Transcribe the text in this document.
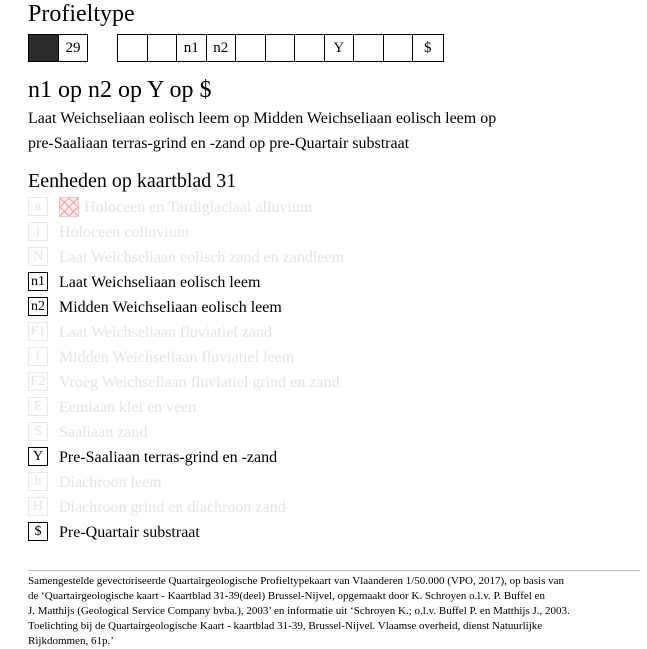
Profieltype
29	n1 n2	Y	$
n1 op n2 op Y op $
Laat Weichseliaan eolisch leem op Midden Weichseliaan eolisch leem op
pre-Saaliaan terras-grind en -zand op pre-Quartair substraat
Eenheden op kaartblad 31
a	Holoceen en Tardiglaciaal alluvium
j	Holoceen colluvium
N Laat Weichseliaan eolisch zand en zandleem
n1 Laat Weichseliaan eolisch leem
n2 Midden Weichseliaan eolisch leem
F1 Laat Weichseliaan fluviatiel zand
f	Midden Weichseliaan fluviatiel leem
F2 Vroeg Weichseliaan fluviatiel grind en zand
E	Eemiaan klei en veen
S	Saaliaan zand
Y Pre-Saaliaan terras-grind en -zand
h	Diachroon leem
H Diachroon grind en diachroon zand
$	Pre-Quartair substraat
Samengestelde gevectoriseerde Quartairgeologische Profieltypekaart van Vlaanderen 1/50.000 (VPO, 2017), op basis van
de ‘Quartairgeologische kaart - Kaartblad 31-39(deel) Brussel-Nijvel, opgemaakt door K. Schroyen o.l.v. P. Buffel en
J. Matthijs (Geological Service Company bvba.), 2003’ en informatie uit ‘Schroyen K.; o.l.v. Buffel P. en Matthijs J., 2003.
Toelichting bij de Quartairgeologische Kaart - kaartblad 31-39, Brussel-Nijvel. Vlaamse overheid, dienst Natuurlijke
Rijkdommen, 61p.’
